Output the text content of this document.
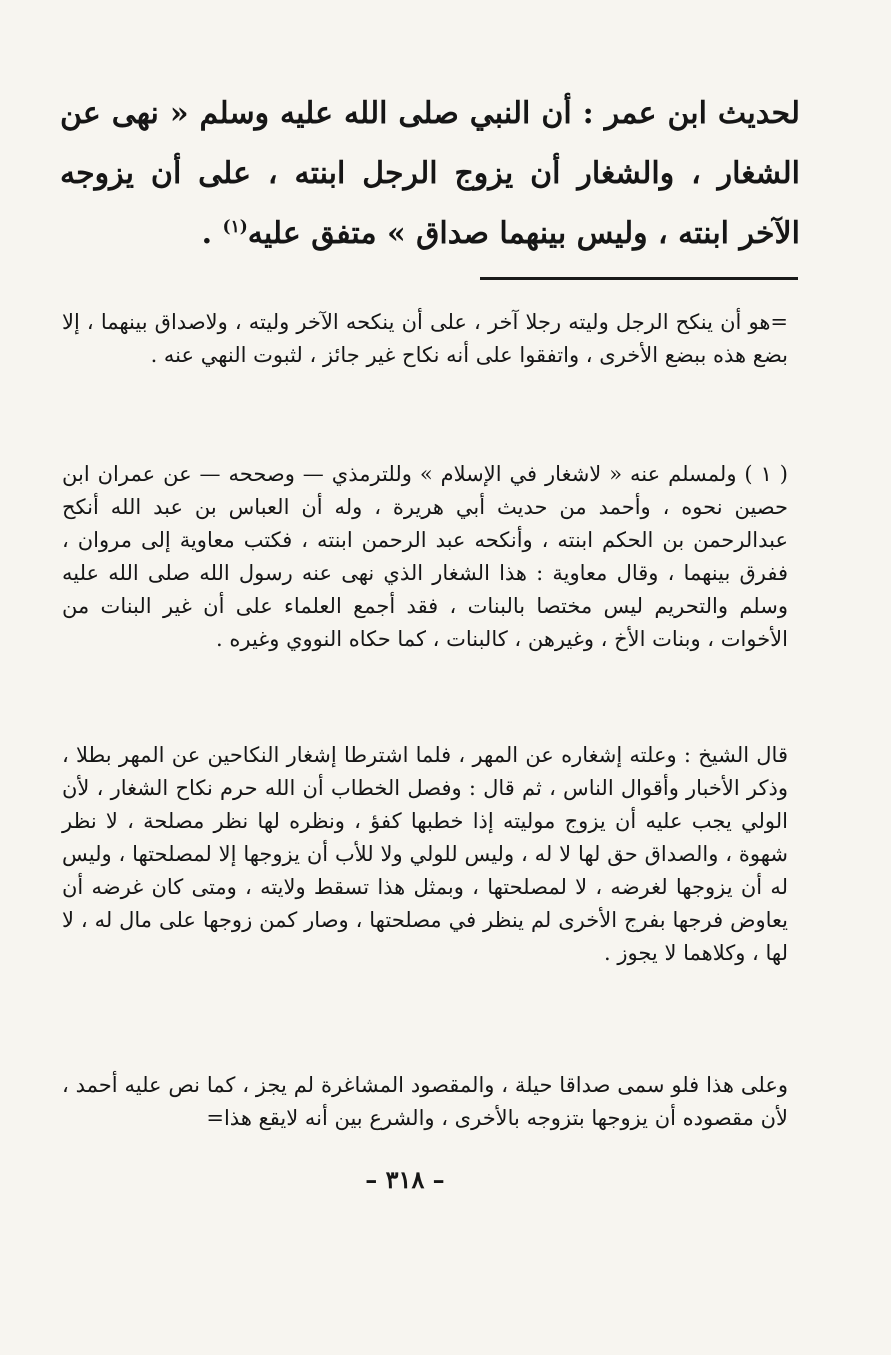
لحديث ابن عمر : أن النبي صلى الله عليه وسلم « نهى عن الشغار ، والشغار أن يزوج الرجل ابنته ، على أن يزوجه الآخر ابنته ، وليس بينهما صداق » متفق عليه$^{(١)}$ .
=هو أن ينكح الرجل وليته رجلا آخر ، على أن ينكحه الآخر وليته ، ولاصداق بينهما ، إلا بضع هذه ببضع الأخرى ، واتفقوا على أنه نكاح غير جائز ، لثبوت النهي عنه .
( ١ ) ولمسلم عنه « لاشغار في الإسلام » وللترمذي — وصححه — عن عمران ابن حصين نحوه ، وأحمد من حديث أبي هريرة ، وله أن العباس بن عبد الله أنكح عبدالرحمن بن الحكم ابنته ، وأنكحه عبد الرحمن ابنته ، فكتب معاوية إلى مروان ، ففرق بينهما ، وقال معاوية : هذا الشغار الذي نهى عنه رسول الله صلى الله عليه وسلم والتحريم ليس مختصا بالبنات ، فقد أجمع العلماء على أن غير البنات من الأخوات ، وبنات الأخ ، وغيرهن ، كالبنات ، كما حكاه النووي وغيره .
قال الشيخ : وعلته إشغاره عن المهر ، فلما اشترطا إشغار النكاحين عن المهر بطلا ، وذكر الأخبار وأقوال الناس ، ثم قال : وفصل الخطاب أن الله حرم نكاح الشغار ، لأن الولي يجب عليه أن يزوج موليته إذا خطبها كفؤ ، ونظره لها نظر مصلحة ، لا نظر شهوة ، والصداق حق لها لا له ، وليس للولي ولا للأب أن يزوجها إلا لمصلحتها ، وليس له أن يزوجها لغرضه ، لا لمصلحتها ، وبمثل هذا تسقط ولايته ، ومتى كان غرضه أن يعاوض فرجها بفرج الأخرى لم ينظر في مصلحتها ، وصار كمن زوجها على مال له ، لا لها ، وكلاهما لا يجوز .
وعلى هذا فلو سمى صداقا حيلة ، والمقصود المشاغرة لم يجز ، كما نص عليه أحمد ، لأن مقصوده أن يزوجها بتزوجه بالأخرى ، والشرع بين أنه لايقع هذا=
– ٣١٨ –
